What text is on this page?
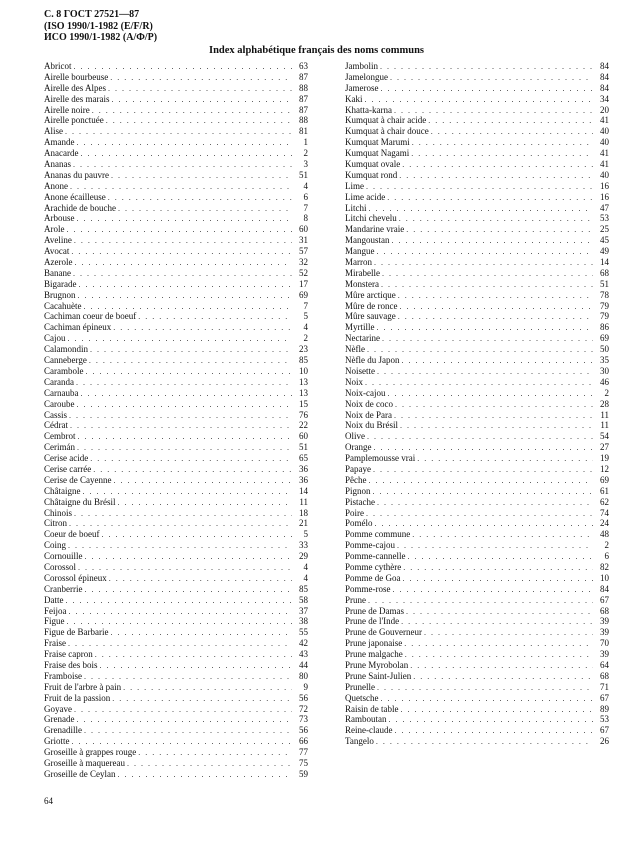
С. 8 ГОСТ 27521—87
(ISO 1990/1-1982 (E/F/R)
ИСО 1990/1-1982 (А/Ф/Р)
Index alphabétique français des noms communs
Abricot . . .	63
Airelle bourbeuse . . .	87
Airelle des Alpes . . .	88
Airelle des marais . . .	87
Airelle noire . . .	87
Airelle ponctuée . . .	88
Alise . . .	81
Amande . . .	1
Anacarde . . .	2
Ananas . . .	3
Ananas du pauvre . . .	51
Anone . . .	4
Anone écailleuse . . .	6
Arachide de bouche . . .	7
Arbouse . . .	8
Arole . . .	60
Aveline . . .	31
Avocat . . .	57
Azerole . . .	32
Banane . . .	52
Bigarade . . .	17
Brugnon . . .	69
Cacahuète . . .	7
Cachiman coeur de boeuf . . .	5
Cachiman épineux . . .	4
Cajou . . .	2
Calamondin . . .	23
Canneberge . . .	85
Carambole . . .	10
Caranda . . .	13
Carnauba . . .	13
Caroube . . .	15
Cassis . . .	76
Cédrat . . .	22
Cembrot . . .	60
Cerimán . . .	51
Cerise acide . . .	65
Cerise carrée . . .	36
Cerise de Cayenne . . .	36
Châtaigne . . .	14
Châtaigne du Brésil . . .	11
Chinois . . .	18
Citron . . .	21
Coeur de boeuf . . .	5
Coing . . .	33
Cornouille . . .	29
Corossol . . .	4
Corossol épineux . . .	4
Cranberrie . . .	85
Datte . . .	58
Feijoa . . .	37
Figue . . .	38
Figue de Barbarie . . .	55
Fraise . . .	42
Fraise capron . . .	43
Fraise des bois . . .	44
Framboise . . .	80
Fruit de l'arbre à pain . . .	9
Fruit de la passion . . .	56
Goyave . . .	72
Grenade . . .	73
Grenadille . . .	56
Griotte . . .	66
Groseille à grappes rouge . . .	77
Groseille à maquereau . . .	75
Groseille de Ceylan . . .	59
Jambolin . . .	84
Jamelongue . . .	84
Jamerose . . .	84
Kaki . . .	34
Khatta-karna . . .	20
Kumquat à chair acide . . .	41
Kumquat à chair douce . . .	40
Kumquat Marumi . . .	40
Kumquat Nagami . . .	41
Kumquat ovale . . .	41
Kumquat rond . . .	40
Lime . . .	16
Lime acide . . .	16
Litchi . . .	47
Litchi chevelu . . .	53
Mandarine vraie . . .	25
Mangoustan . . .	45
Mangue . . .	49
Marron . . .	14
Mirabelle . . .	68
Monstera . . .	51
Mûre arctique . . .	78
Mûre de ronce . . .	79
Mûre sauvage . . .	79
Myrtille . . .	86
Nectarine . . .	69
Nèfle . . .	50
Nèfle du Japon . . .	35
Noisette . . .	30
Noix . . .	46
Noix-cajou . . .	2
Noix de coco . . .	28
Noix de Para . . .	11
Noix du Brésil . . .	11
Olive . . .	54
Orange . . .	27
Pamplemousse vrai . . .	19
Papaye . . .	12
Pêche . . .	69
Pignon . . .	61
Pistache . . .	62
Poire . . .	74
Pomélo . . .	24
Pomme commune . . .	48
Pomme-cajou . . .	2
Pomme-cannelle . . .	6
Pomme cythère . . .	82
Pomme de Goa . . .	10
Pomme-rose . . .	84
Prune . . .	67
Prune de Damas . . .	68
Prune de l'Inde . . .	39
Prune de Gouverneur . . .	39
Prune japonaise . . .	70
Prune malgache . . .	39
Prune Myrobolan . . .	64
Prune Saint-Julien . . .	68
Prunelle . . .	71
Quetsche . . .	67
Raisin de table . . .	89
Ramboutan . . .	53
Reine-claude . . .	67
Tangelo . . .	26
64
